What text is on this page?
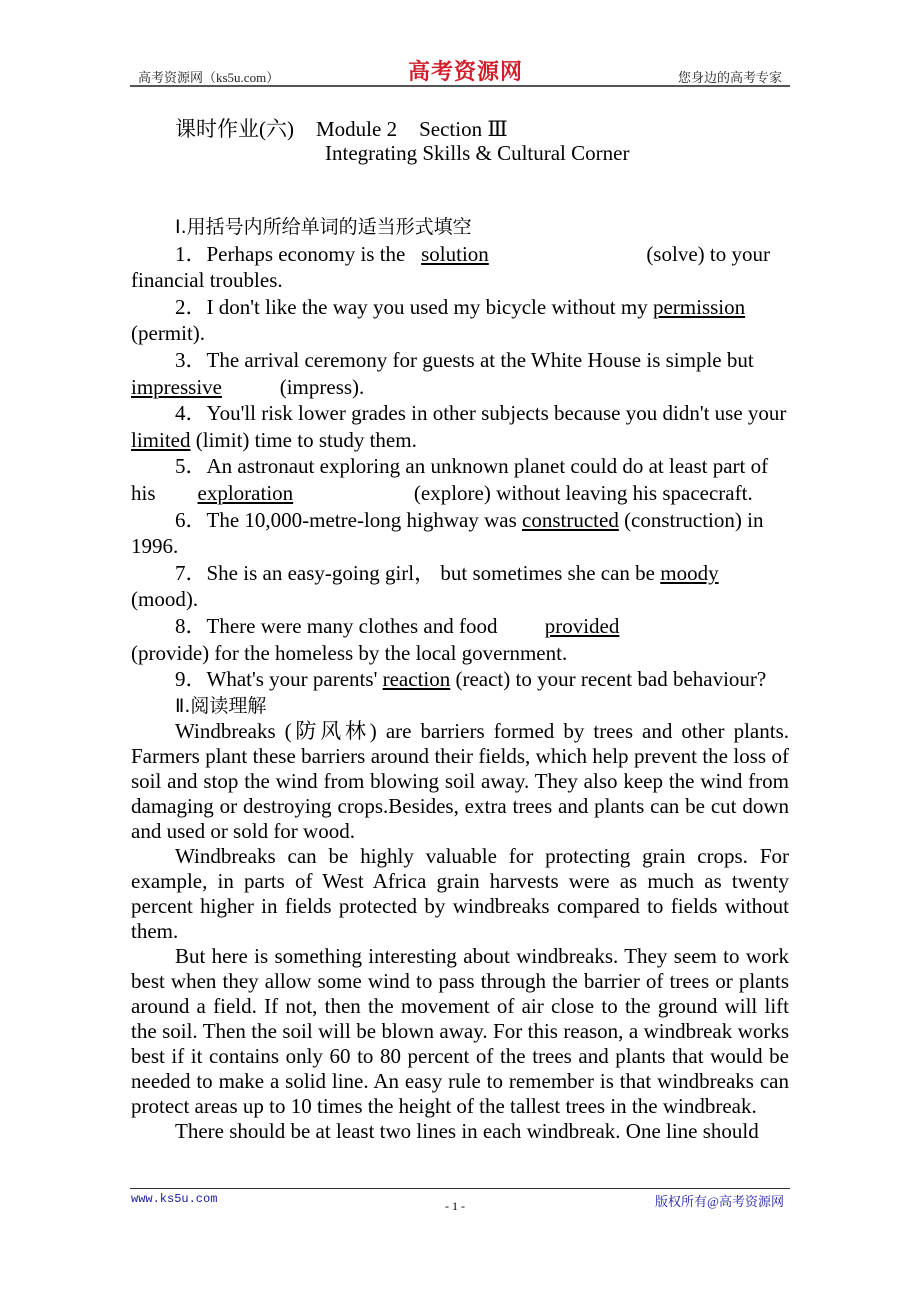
高考资源网（ks5u.com）	高考资源网	您身边的高考专家
课时作业(六) Module 2 Section Ⅲ
Integrating Skills & Cultural Corner

Ⅰ.用括号内所给单词的适当形式填空

1．Perhaps economy is the   solution	(solve) to your financial troubles.

2．I don't like the way you used my bicycle without my permission (permit).

3．The arrival ceremony for guests at the White House is simple but impressive	(impress).

4．You'll risk lower grades in other subjects because you didn't use your limited (limit) time to study them.

5．An astronaut exploring an unknown planet could do at least part of his        exploration	(explore) without leaving his spacecraft.

6．The 10,000-metre-long highway was constructed (construction) in 1996.

7．She is an easy-going girl， but sometimes she can be moody (mood).

8．There were many clothes and food         provided                    (provide) for the homeless by the local government.

9．What's your parents' reaction (react) to your recent bad behaviour?

Ⅱ.阅读理解

Windbreaks (防风林) are barriers formed by trees and other plants. Farmers plant these barriers around their fields, which help prevent the loss of soil and stop the wind from blowing soil away. They also keep the wind from damaging or destroying crops.Besides, extra trees and plants can be cut down and used or sold for wood.

Windbreaks can be highly valuable for protecting grain crops. For example, in parts of West Africa grain harvests were as much as twenty percent higher in fields protected by windbreaks compared to fields without them.

But here is something interesting about windbreaks. They seem to work best when they allow some wind to pass through the barrier of trees or plants around a field. If not, then the movement of air close to the ground will lift the soil. Then the soil will be blown away. For this reason, a windbreak works best if it contains only 60 to 80 percent of the trees and plants that would be needed to make a solid line. An easy rule to remember is that windbreaks can protect areas up to 10 times the height of the tallest trees in the windbreak.

There should be at least two lines in each windbreak. One line should

www.ks5u.com	- 1 -	版权所有@高考资源网
